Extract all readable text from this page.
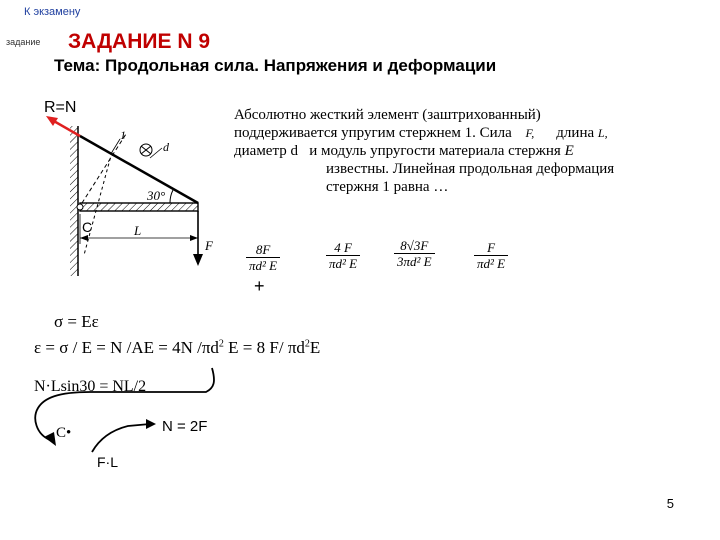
К экзамену
задание ЗАДАНИЕ N 9
Тема: Продольная сила. Напряжения и деформации
R=N
C
1
d
30°
L
F
Абсолютно жесткий элемент (заштрихованный)
поддерживается упругим стержнем 1. Сила F, длина L,
диаметр d и модуль упругости материала стержня E
известны. Линейная продольная деформация
стержня 1 равна …
$\frac{8F}{\text{πd² E}}$	$\frac{4 F}{\text{πd² E}}$	$\frac{8√3F}{\text{3πd² E}}$	$\frac{F}{\text{πd² E}}$
+
σ = Eε
ε = σ / E = N /AE = 4N $/\pi d^2$ E = 8 F/ $\pi d^2E$
N·Lsin30 = NL/2
C•	N = 2F
F·L
5
